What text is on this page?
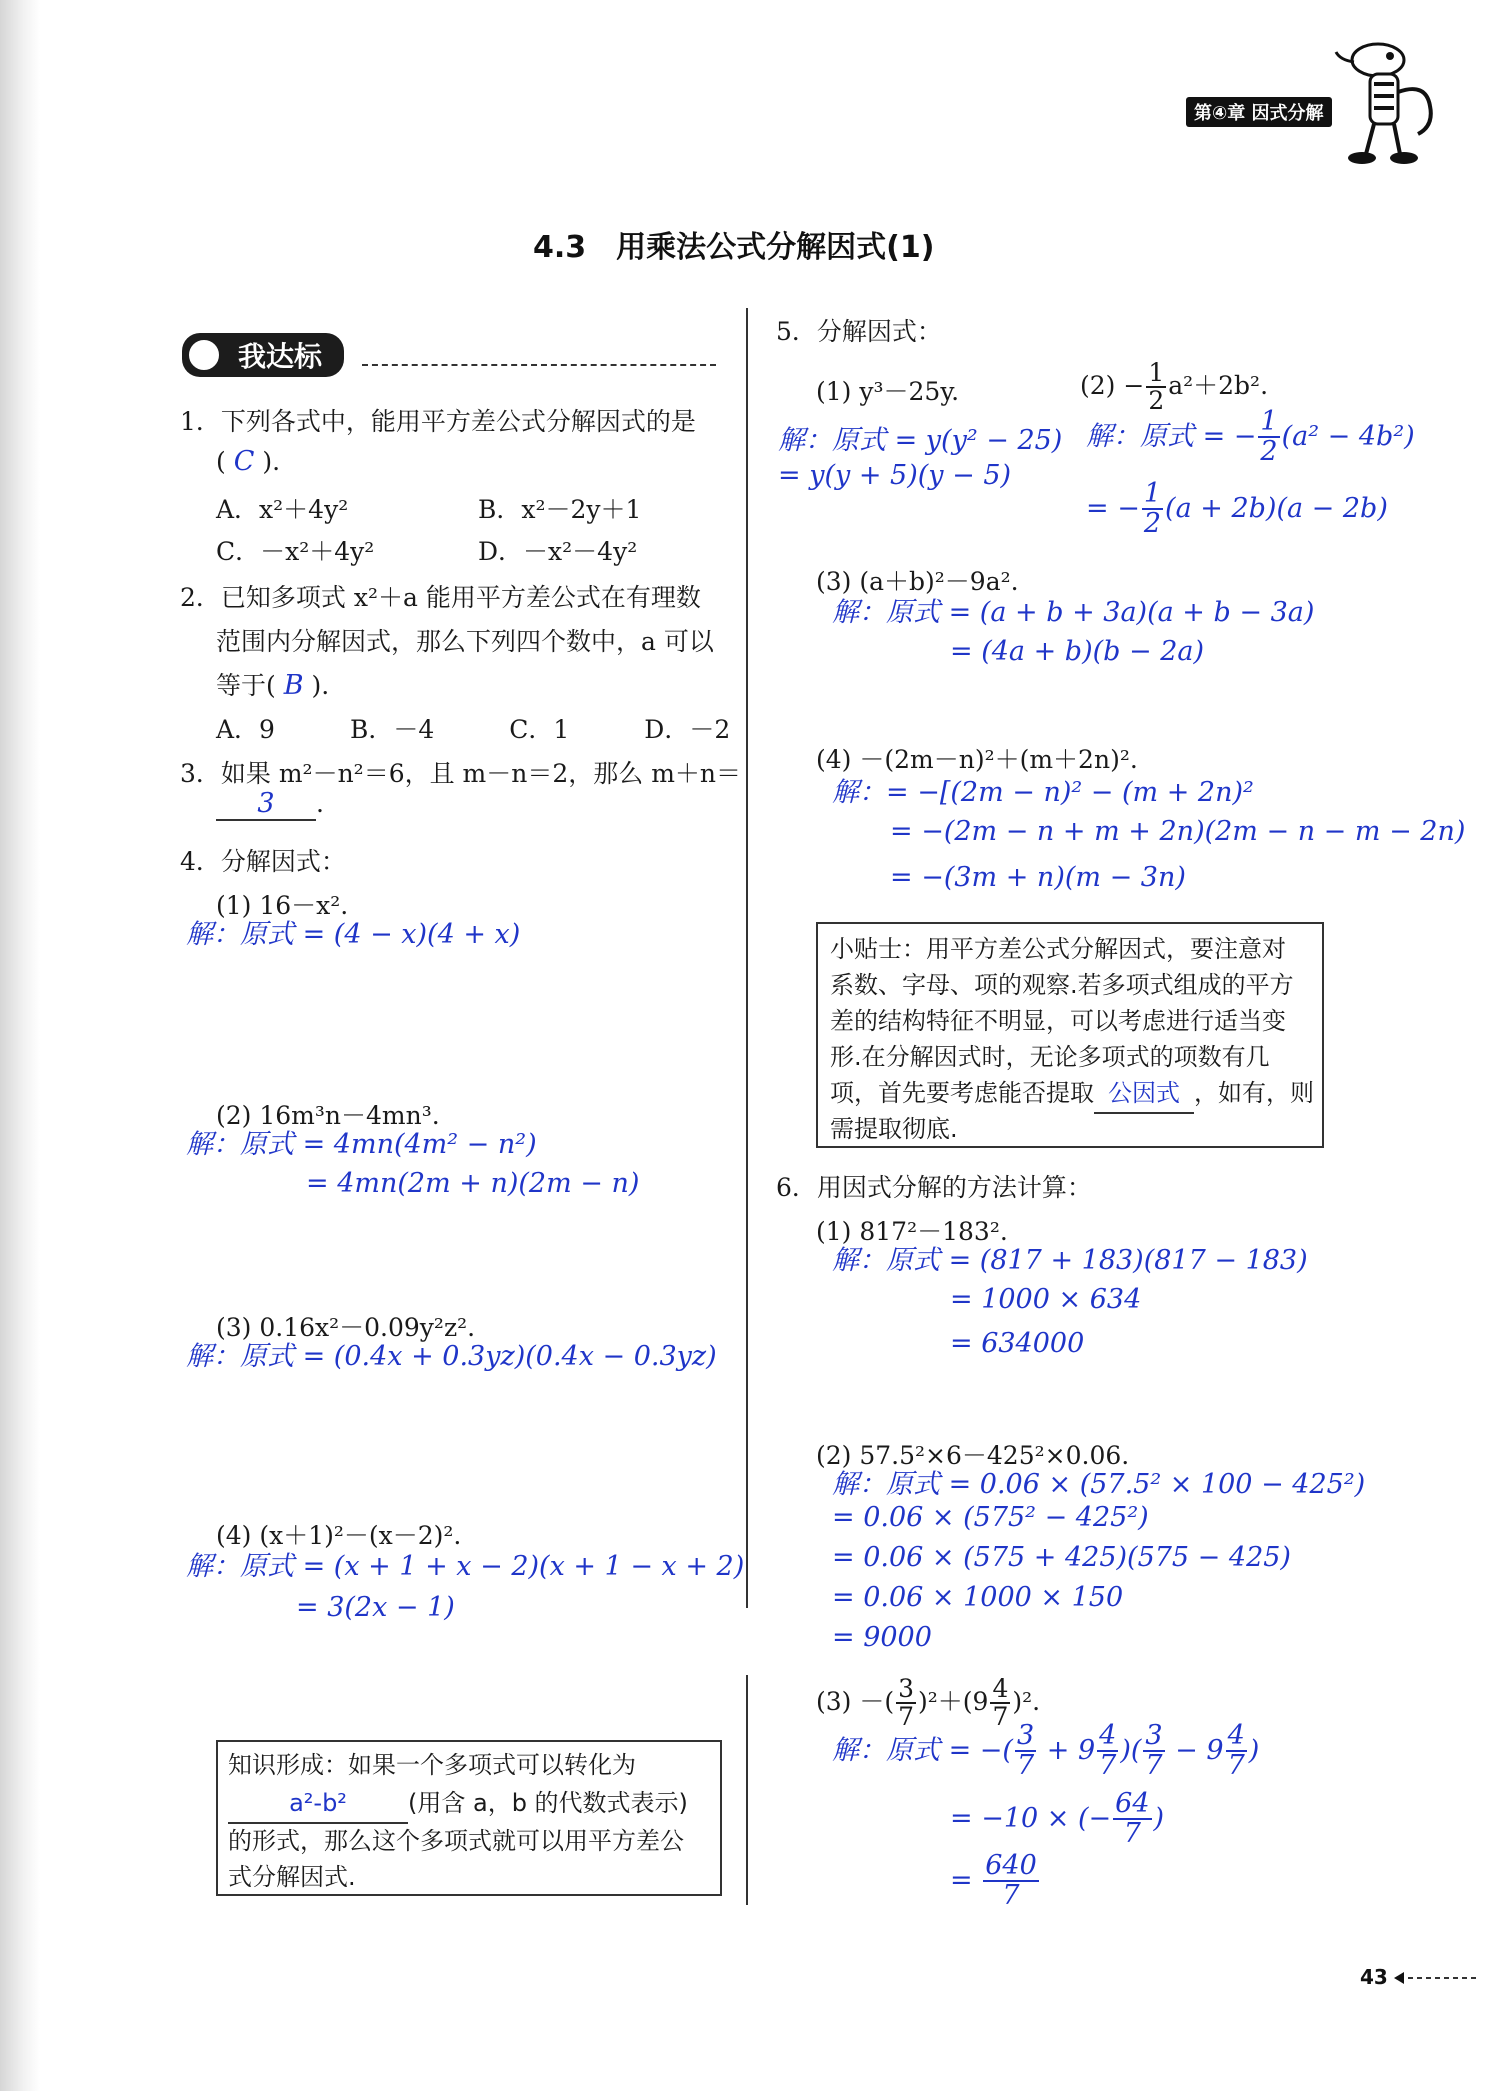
第④章 因式分解
4.3　用乘法公式分解因式(1)
我达标
1．下列各式中，能用平方差公式分解因式的是
( C ).
A．x²＋4y²	B．x²－2y＋1
C．－x²＋4y²	D．－x²－4y²
2．已知多项式 x²＋a 能用平方差公式在有理数
范围内分解因式，那么下列四个数中，a 可以
等于( B ).
A．9　　　B．－4　　　C．1　　　D．－2
3．如果 m²－n²＝6，且 m－n＝2，那么 m＋n＝
3 .
4．分解因式：
(1) 16－x².
解：原式 = (4 − x)(4 + x)
(2) 16m³n－4mn³.
解：原式 = 4mn(4m² − n²)
= 4mn(2m + n)(2m − n)
(3) 0.16x²－0.09y²z².
解：原式 = (0.4x + 0.3yz)(0.4x − 0.3yz)
(4) (x＋1)²－(x－2)².
解：原式 = (x + 1 + x − 2)(x + 1 − x + 2)
= 3(2x − 1)
知识形成：如果一个多项式可以转化为
a²-b²	(用含 a，b 的代数式表示)
的形式，那么这个多项式就可以用平方差公
式分解因式.
5．分解因式：
(1) y³－25y.	$(2) - \frac{1}{2} a^2+2b^2$.
解：原式 = y(y² − 25)
= y(y + 5)(y − 5)
解：原式 = − $\frac{1}{2} (a^2 - 4b^2)$
= − $\frac{1}{2} (a + 2b)(a - 2b)$
(3) (a＋b)²－9a².
解：原式 = (a + b + 3a)(a + b − 3a)
= (4a + b)(b − 2a)
(4) －(2m－n)²＋(m＋2n)².
解：= −[(2m − n)² − (m + 2n)²
= −(2m − n + m + 2n)(2m − n − m − 2n)
= −(3m + n)(m − 3n)
小贴士：用平方差公式分解因式，要注意对
系数、字母、项的观察.若多项式组成的平方
差的结构特征不明显，可以考虑进行适当变
形.在分解因式时，无论多项式的项数有几
项，首先要考虑能否提取 公因式 ，如有，则
需提取彻底.
6．用因式分解的方法计算：
(1) 817²－183².
解：原式 = (817 + 183)(817 − 183)
= 1000 × 634
= 634000
(2) 57.5²×6－425²×0.06.
解：原式 = 0.06 × (57.5² × 100 − 425²)
= 0.06 × (575² − 425²)
= 0.06 × (575 + 425)(575 − 425)
= 0.06 × 1000 × 150
= 9000
(3) －( $\frac{3}{7} )^2+(9 \frac{4}{7} )^2$.
解：原式 = −( $\frac{3}{7} + 9 \frac{4}{7}$ )( $\frac{3}{7} - 9 \frac{4}{7}$ )
= −10 × (− $\frac{64}{7}$ )
= $\frac{640}{7}$
43
